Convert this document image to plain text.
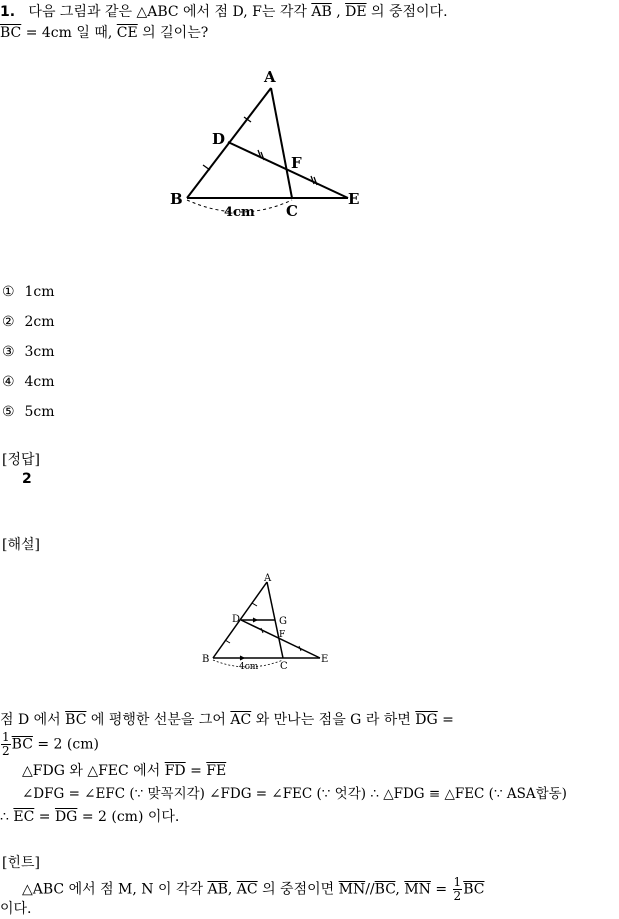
1. 다음 그림과 같은 △ABC 에서 점 D, F는 각각 $\overline{AB}$ , $\overline{DE}$ 의 중점이다.
$\overline{BC} = 4cm$ 일 때, $\overline{CE}$ 의 길이는?
A
D
F
B	E
C
4cm
① 1cm
② 2cm
③ 3cm
④ 4cm
⑤ 5cm
[정답]
2
[해설]
A
D	G
F
B	E
C
4cm
점 D 에서 $\overline{BC}$ 에 평행한 선분을 그어 $\overline{AC}$ 와 만나는 점을 G 라 하면 $\overline{DG}$ =
$\frac{1}{2} \overline{BC} = 2$ (cm)
△FDG 와 △FEC 에서 $\overline{FD} = \overline{FE}$
∠DFG = ∠EFC (∵ 맞꼭지각) ∠FDG = ∠FEC (∵ 엇각) ∴ △FDG ≡ △FEC (∵ ASA합동)
∴ $\overline{EC} = \overline{DG} = 2$ (cm) 이다.
[힌트]
△ABC 에서 점 M, N 이 각각 $\overline{AB}$, $\overline{AC}$ 의 중점이면 $\overline{MN}//\overline{BC}$, $\overline{MN} = \frac{1}{2} \overline{BC}$
이다.
